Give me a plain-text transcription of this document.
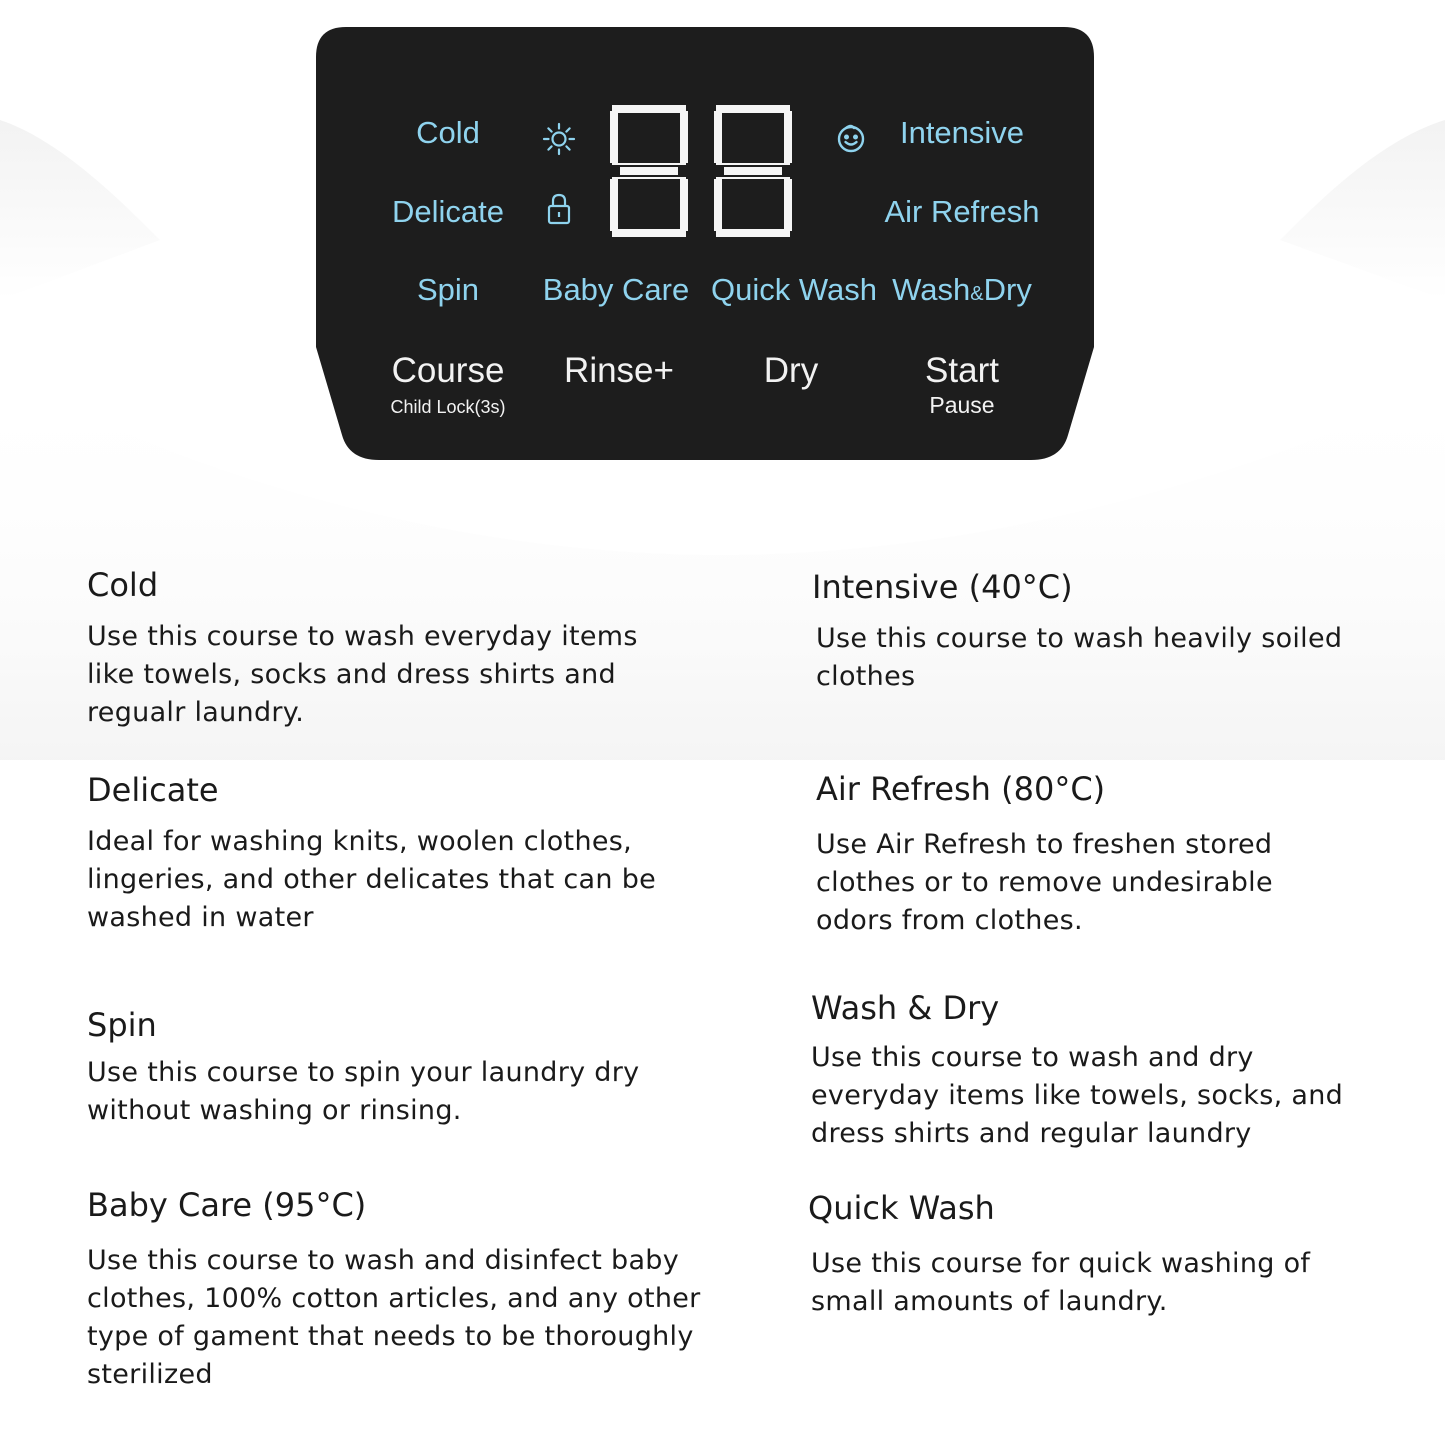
Cold
Delicate
Spin
Intensive
Air Refresh
Wash&Dry
Baby Care Quick Wash
Course
Child Lock(3s)
Rinse+	Dry	Start
Pause
Cold

Use this course to wash everyday items
like towels, socks and dress shirts and
regualr laundry.

Delicate

Ideal for washing knits, woolen clothes,
lingeries, and other delicates that can be
washed in water

Spin

Use this course to spin your laundry dry
without washing or rinsing.

Baby Care (95°C)

Use this course to wash and disinfect baby
clothes, 100% cotton articles, and any other
type of gament that needs to be thoroughly
sterilized

Intensive (40°C)

Use this course to wash heavily soiled
clothes

Air Refresh (80°C)

Use Air Refresh to freshen stored
clothes or to remove undesirable
odors from clothes.

Wash & Dry

Use this course to wash and dry
everyday items like towels, socks, and
dress shirts and regular laundry

Quick Wash

Use this course for quick washing of
small amounts of laundry.
